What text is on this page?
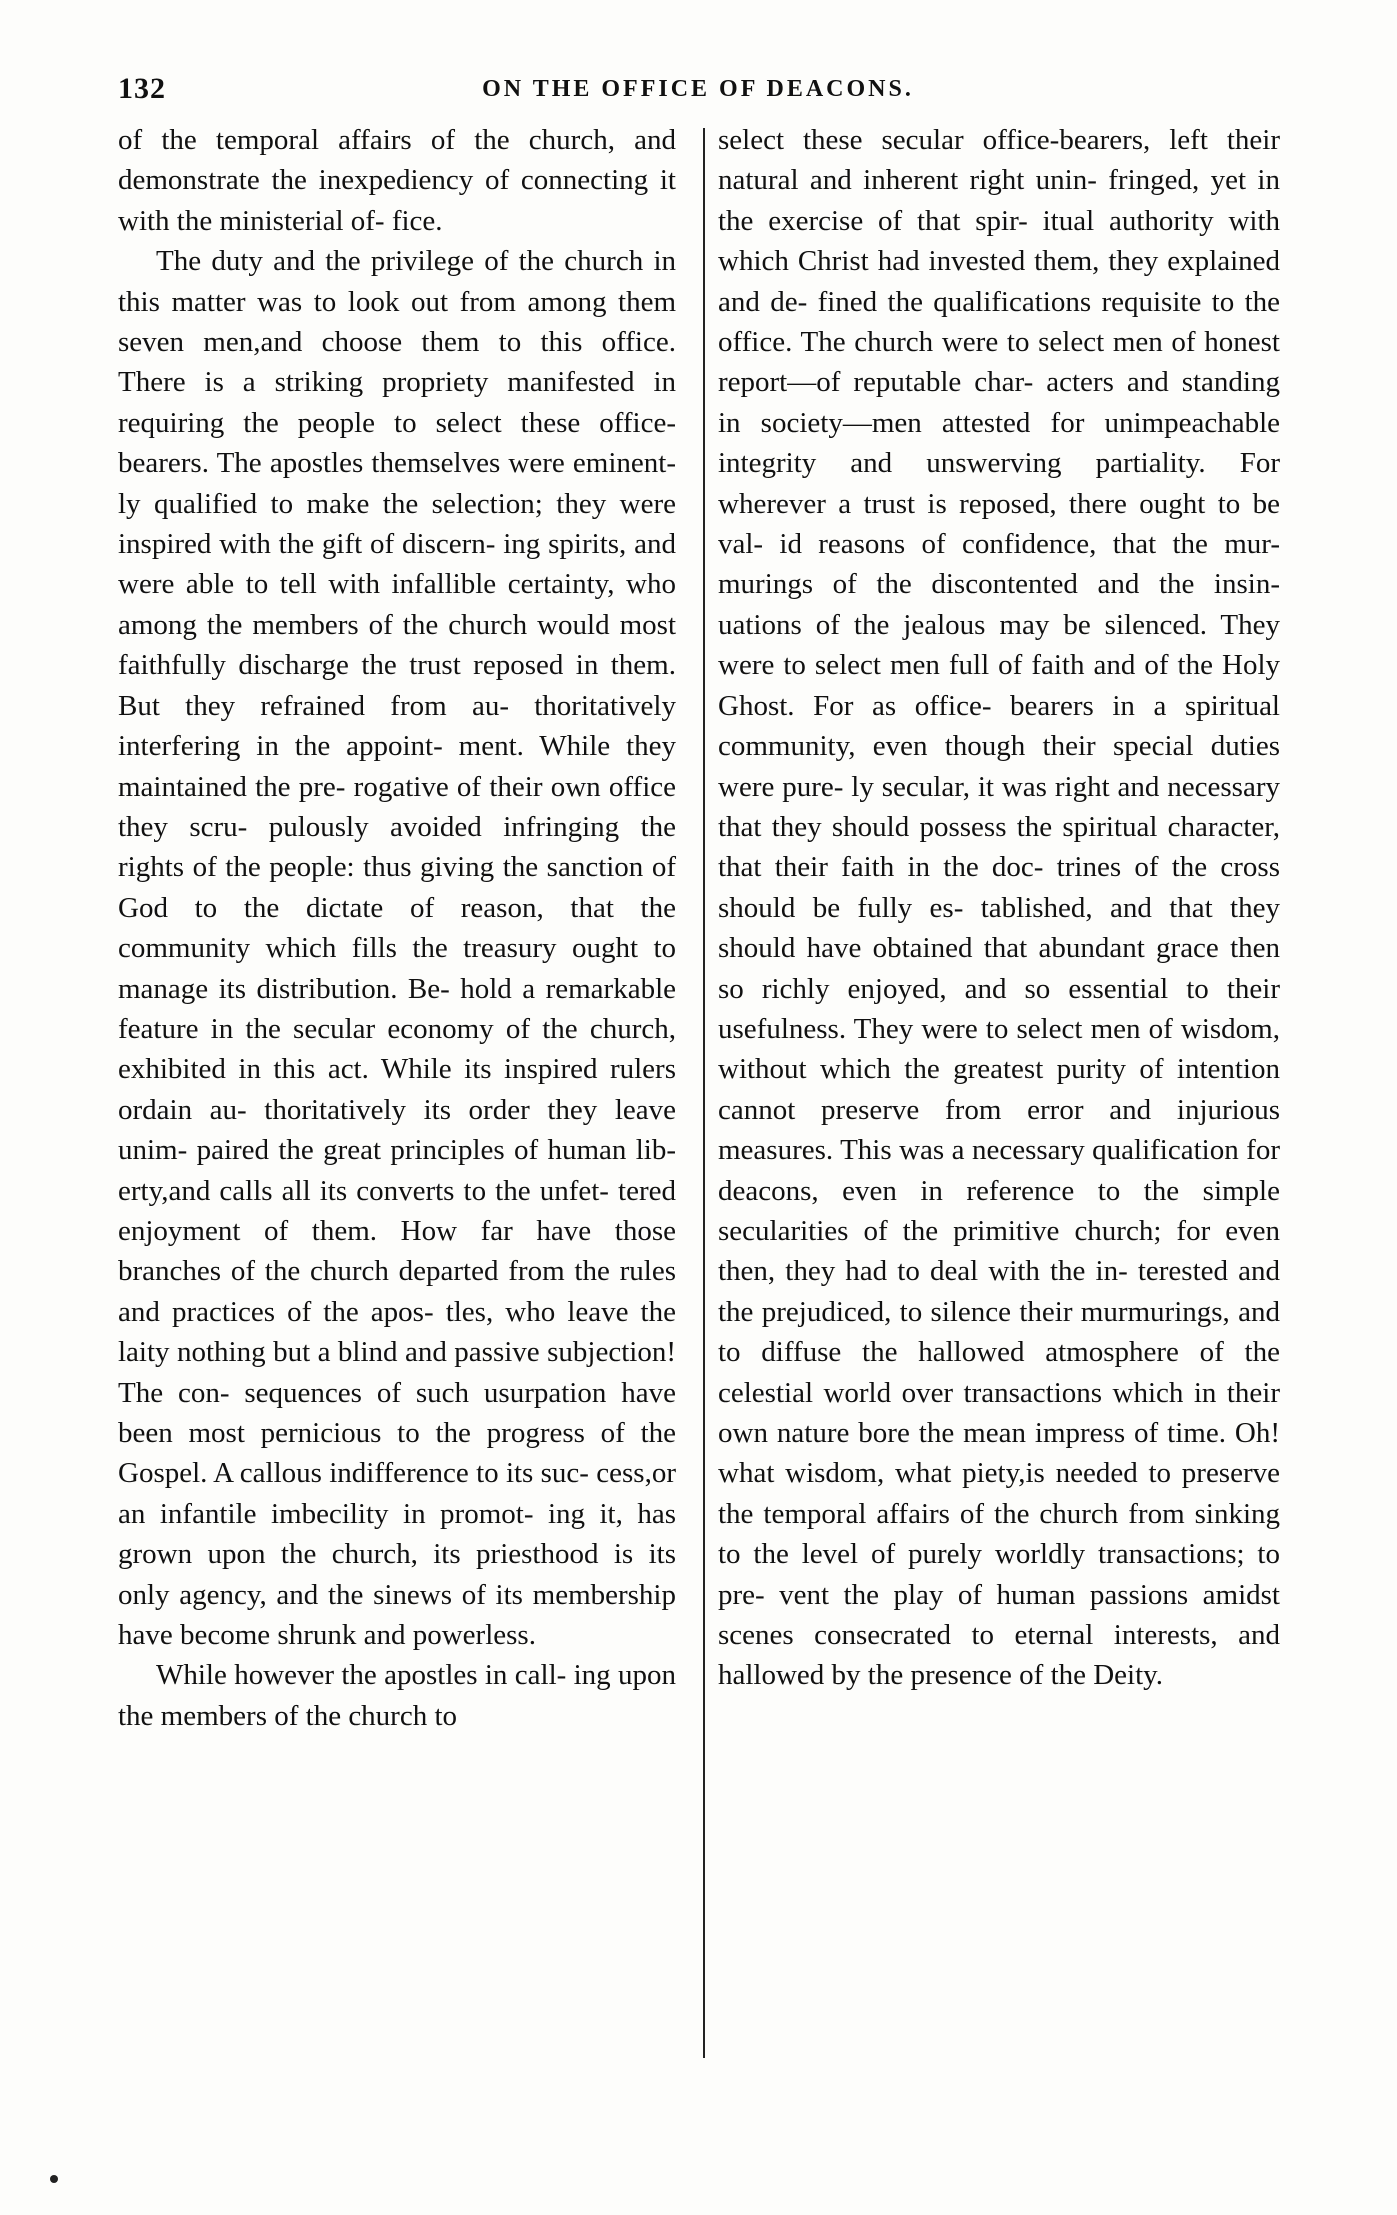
132	ON THE OFFICE OF DEACONS.

of the temporal affairs of the church, and demonstrate the inexpediency of connecting it with the ministerial of- fice.

The duty and the privilege of the church in this matter was to look out from among them seven men,and choose them to this office. There is a striking propriety manifested in requiring the people to select these office-bearers. The apostles themselves were eminent- ly qualified to make the selection; they were inspired with the gift of discern- ing spirits, and were able to tell with infallible certainty, who among the members of the church would most faithfully discharge the trust reposed in them. But they refrained from au- thoritatively interfering in the appoint- ment. While they maintained the pre- rogative of their own office they scru- pulously avoided infringing the rights of the people: thus giving the sanction of God to the dictate of reason, that the community which fills the treasury ought to manage its distribution. Be- hold a remarkable feature in the secular economy of the church, exhibited in this act. While its inspired rulers ordain au- thoritatively its order they leave unim- paired the great principles of human lib- erty,and calls all its converts to the unfet- tered enjoyment of them. How far have those branches of the church departed from the rules and practices of the apos- tles, who leave the laity nothing but a blind and passive subjection! The con- sequences of such usurpation have been most pernicious to the progress of the Gospel. A callous indifference to its suc- cess,or an infantile imbecility in promot- ing it, has grown upon the church, its priesthood is its only agency, and the sinews of its membership have become shrunk and powerless.

While however the apostles in call- ing upon the members of the church to

select these secular office-bearers, left their natural and inherent right unin- fringed, yet in the exercise of that spir- itual authority with which Christ had invested them, they explained and de- fined the qualifications requisite to the office. The church were to select men of honest report—of reputable char- acters and standing in society—men attested for unimpeachable integrity and unswerving partiality. For wherever a trust is reposed, there ought to be val- id reasons of confidence, that the mur- murings of the discontented and the insin- uations of the jealous may be silenced. They were to select men full of faith and of the Holy Ghost. For as office- bearers in a spiritual community, even though their special duties were pure- ly secular, it was right and necessary that they should possess the spiritual character, that their faith in the doc- trines of the cross should be fully es- tablished, and that they should have obtained that abundant grace then so richly enjoyed, and so essential to their usefulness. They were to select men of wisdom, without which the greatest purity of intention cannot preserve from error and injurious measures. This was a necessary qualification for deacons, even in reference to the simple secularities of the primitive church; for even then, they had to deal with the in- terested and the prejudiced, to silence their murmurings, and to diffuse the hallowed atmosphere of the celestial world over transactions which in their own nature bore the mean impress of time. Oh! what wisdom, what piety,is needed to preserve the temporal affairs of the church from sinking to the level of purely worldly transactions; to pre- vent the play of human passions amidst scenes consecrated to eternal interests, and hallowed by the presence of the Deity.
